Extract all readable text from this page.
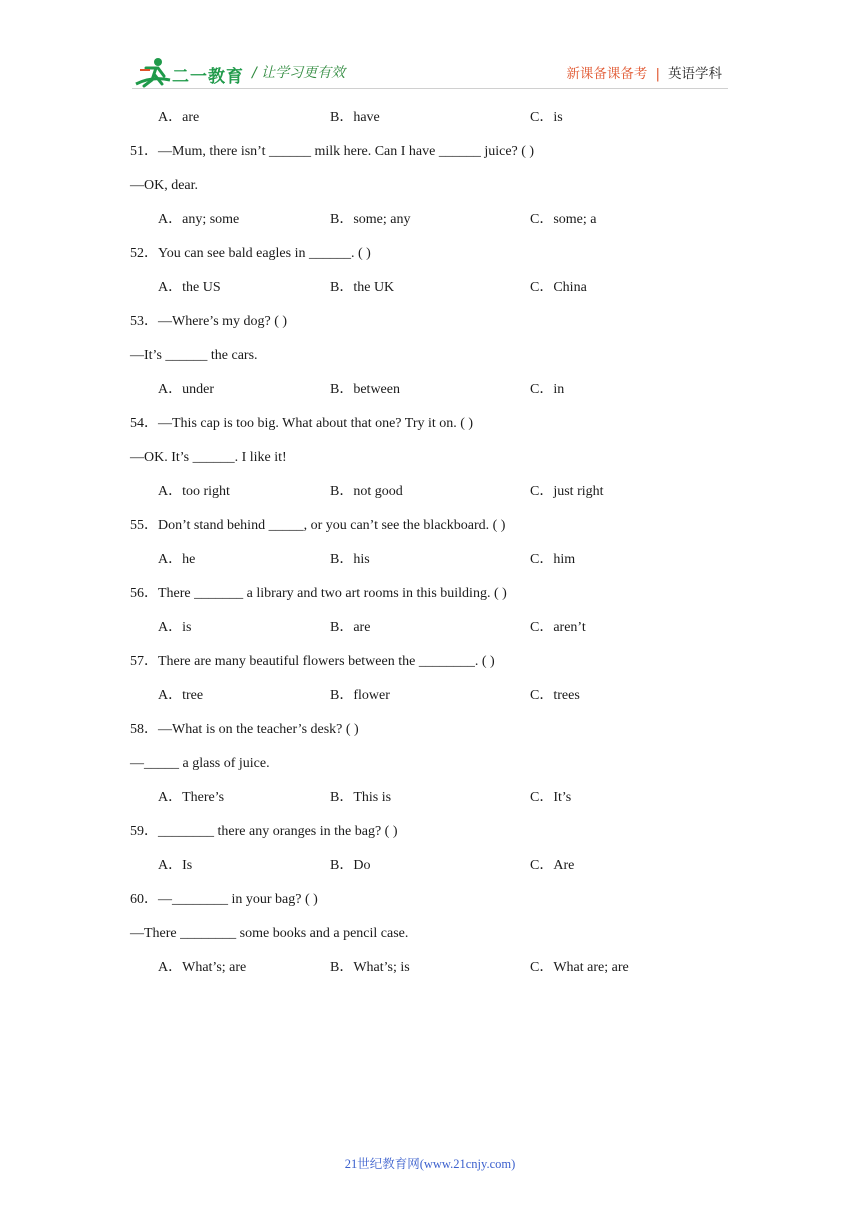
二一教育 / 让学习更有效	新课备课备考 | 英语学科
A．are	B．have	C．is
51．—Mum, there isn’t ______ milk here. Can I have ______ juice? ( )
—OK, dear.
A．any; some	B．some; any	C．some; a
52．You can see bald eagles in ______. ( )
A．the US	B．the UK	C．China
53．—Where’s my dog? ( )
—It’s ______ the cars.
A．under	B．between	C．in
54．—This cap is too big. What about that one? Try it on. ( )
—OK. It’s ______. I like it!
A．too right	B．not good	C．just right
55．Don’t stand behind _____, or you can’t see the blackboard. ( )
A．he	B．his	C．him
56．There _______ a library and two art rooms in this building. ( )
A．is	B．are	C．aren’t
57．There are many beautiful flowers between the ________. ( )
A．tree	B．flower	C．trees
58．—What is on the teacher’s desk? ( )
—_____ a glass of juice.
A．There’s	B．This is	C．It’s
59．________ there any oranges in the bag? ( )
A．Is	B．Do	C．Are
60．—________ in your bag? ( )
—There ________ some books and a pencil case.
A．What’s; are	B．What’s; is	C．What are; are
21世纪教育网(www.21cnjy.com)
